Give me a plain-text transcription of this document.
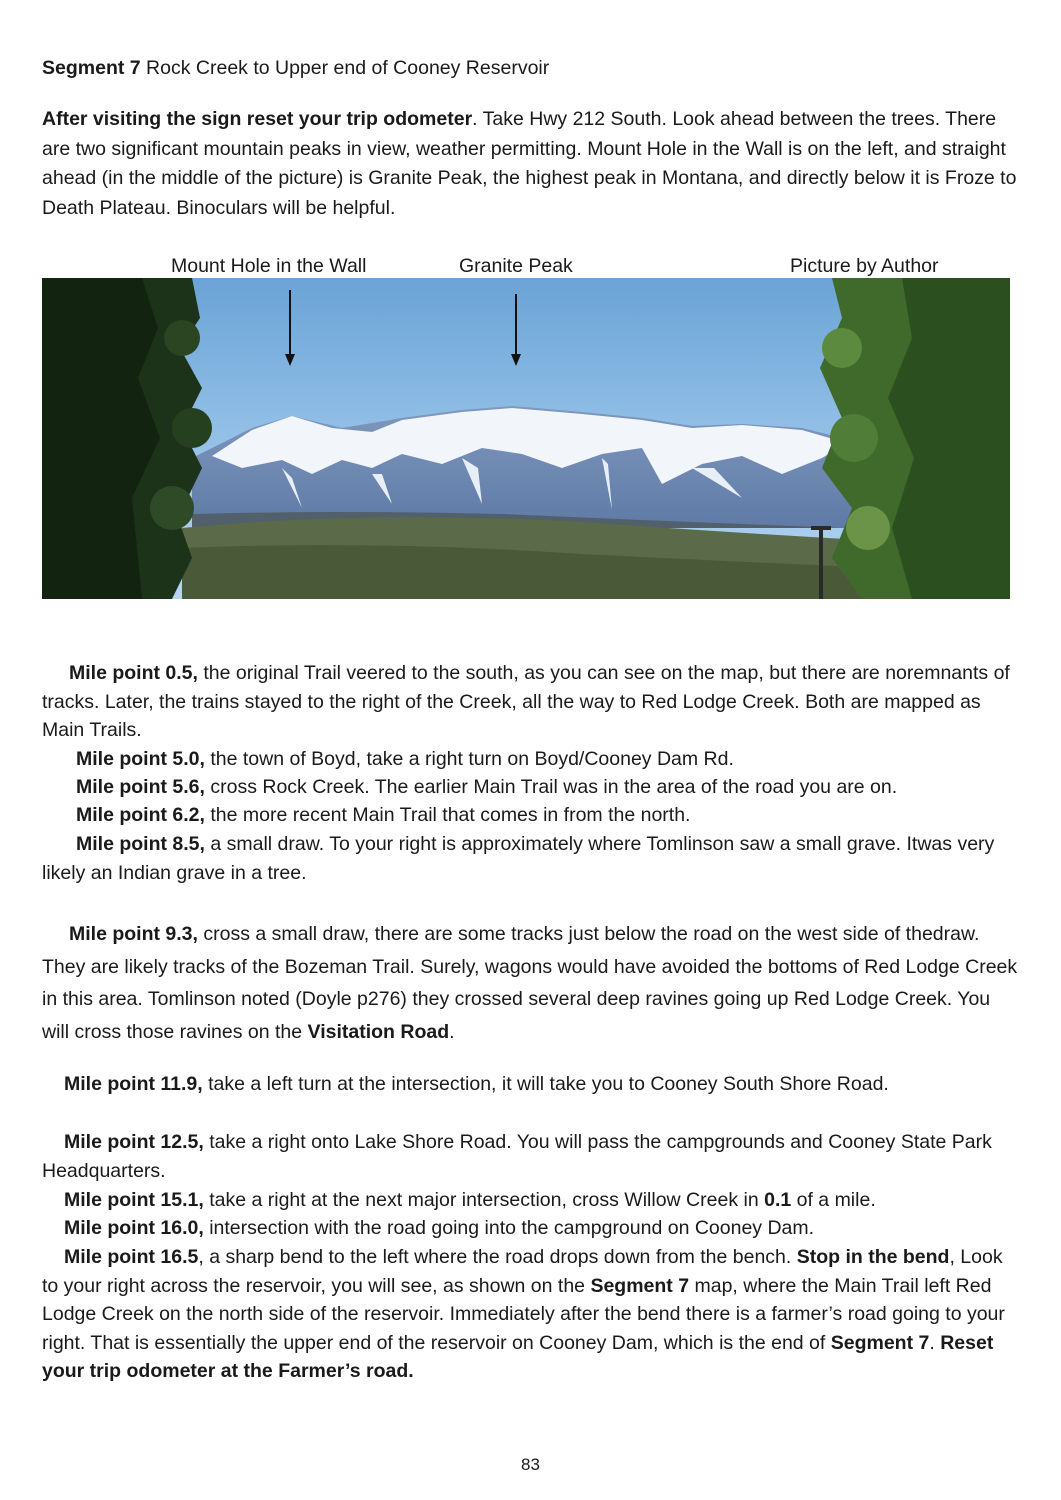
Segment 7 Rock Creek to Upper end of Cooney Reservoir

After visiting the sign reset your trip odometer. Take Hwy 212 South. Look ahead between the trees. There are two significant mountain peaks in view, weather permitting. Mount Hole in the Wall is on the left, and straight ahead (in the middle of the picture) is Granite Peak, the highest peak in Montana, and directly below it is Froze to Death Plateau. Binoculars will be helpful.

Mount Hole in the Wall	Granite Peak	Picture by Author

Mile point 0.5, the original Trail veered to the south, as you can see on the map, but there are noremnants of tracks. Later, the trains stayed to the right of the Creek, all the way to Red Lodge Creek. Both are mapped as Main Trails.

Mile point 5.0, the town of Boyd, take a right turn on Boyd/Cooney Dam Rd.
Mile point 5.6, cross Rock Creek. The earlier Main Trail was in the area of the road you are on.
Mile point 6.2, the more recent Main Trail that comes in from the north.

Mile point 8.5, a small draw. To your right is approximately where Tomlinson saw a small grave. Itwas very likely an Indian grave in a tree.

Mile point 9.3, cross a small draw, there are some tracks just below the road on the west side of thedraw. They are likely tracks of the Bozeman Trail. Surely, wagons would have avoided the bottoms of Red Lodge Creek in this area. Tomlinson noted (Doyle p276) they crossed several deep ravines going up Red Lodge Creek. You will cross those ravines on the Visitation Road.

Mile point 11.9, take a left turn at the intersection, it will take you to Cooney South Shore Road.

Mile point 12.5, take a right onto Lake Shore Road. You will pass the campgrounds and Cooney State Park Headquarters.

Mile point 15.1, take a right at the next major intersection, cross Willow Creek in 0.1 of a mile.
Mile point 16.0, intersection with the road going into the campground on Cooney Dam.

Mile point 16.5, a sharp bend to the left where the road drops down from the bench. Stop in the bend, Look to your right across the reservoir, you will see, as shown on the Segment 7 map, where the Main Trail left Red Lodge Creek on the north side of the reservoir. Immediately after the bend there is a farmer’s road going to your right. That is essentially the upper end of the reservoir on Cooney Dam, which is the end of Segment 7. Reset your trip odometer at the Farmer’s road.

83
